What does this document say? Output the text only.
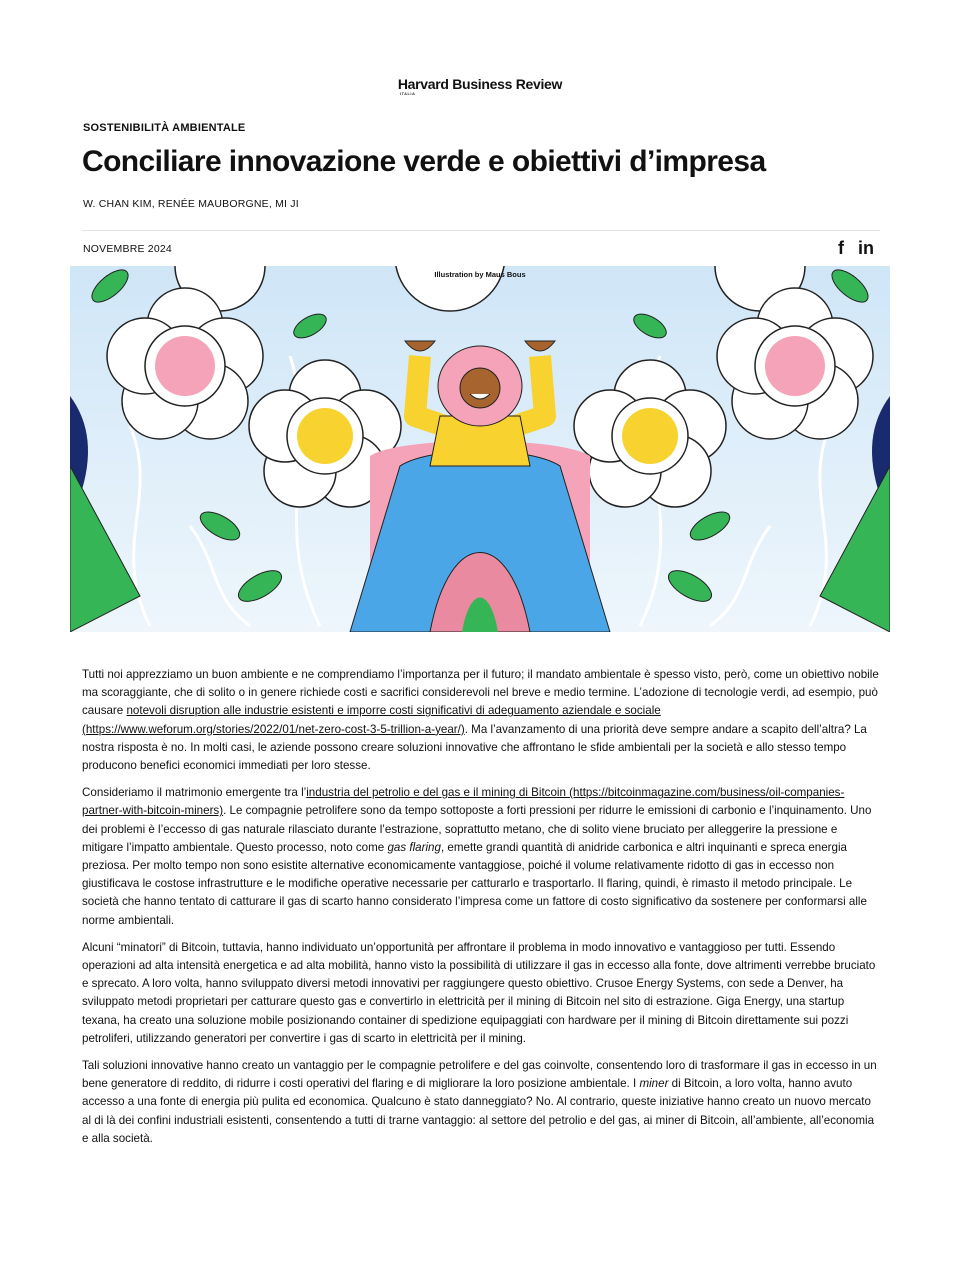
Harvard Business Review
ITALIA
SOSTENIBILITÀ AMBIENTALE
Conciliare innovazione verde e obiettivi d’impresa
W. CHAN KIM, RENÉE MAUBORGNE, MI JI
NOVEMBRE 2024	f in
Illustration by Maus Bous

Tutti noi apprezziamo un buon ambiente e ne comprendiamo l’importanza per il futuro; il mandato ambientale è spesso visto, però, come un obiettivo nobile ma scoraggiante, che di solito o in genere richiede costi e sacrifici considerevoli nel breve e medio termine. L’adozione di tecnologie verdi, ad esempio, può causare notevoli disruption alle industrie esistenti e imporre costi significativi di adeguamento aziendale e sociale (https://www.weforum.org/stories/2022/01/net-zero-cost-3-5-trillion-a-year/). Ma l’avanzamento di una priorità deve sempre andare a scapito dell’altra? La nostra risposta è no. In molti casi, le aziende possono creare soluzioni innovative che affrontano le sfide ambientali per la società e allo stesso tempo producono benefici economici immediati per loro stesse.

Consideriamo il matrimonio emergente tra l’industria del petrolio e del gas e il mining di Bitcoin (https://bitcoinmagazine.com/business/oil-companies-partner-with-bitcoin-miners). Le compagnie petrolifere sono da tempo sottoposte a forti pressioni per ridurre le emissioni di carbonio e l’inquinamento. Uno dei problemi è l’eccesso di gas naturale rilasciato durante l’estrazione, soprattutto metano, che di solito viene bruciato per alleggerire la pressione e mitigare l’impatto ambientale. Questo processo, noto come gas flaring, emette grandi quantità di anidride carbonica e altri inquinanti e spreca energia preziosa. Per molto tempo non sono esistite alternative economicamente vantaggiose, poiché il volume relativamente ridotto di gas in eccesso non giustificava le costose infrastrutture e le modifiche operative necessarie per catturarlo e trasportarlo. Il flaring, quindi, è rimasto il metodo principale. Le società che hanno tentato di catturare il gas di scarto hanno considerato l’impresa come un fattore di costo significativo da sostenere per conformarsi alle norme ambientali.

Alcuni “minatori” di Bitcoin, tuttavia, hanno individuato un’opportunità per affrontare il problema in modo innovativo e vantaggioso per tutti. Essendo operazioni ad alta intensità energetica e ad alta mobilità, hanno visto la possibilità di utilizzare il gas in eccesso alla fonte, dove altrimenti verrebbe bruciato e sprecato. A loro volta, hanno sviluppato diversi metodi innovativi per raggiungere questo obiettivo. Crusoe Energy Systems, con sede a Denver, ha sviluppato metodi proprietari per catturare questo gas e convertirlo in elettricità per il mining di Bitcoin nel sito di estrazione. Giga Energy, una startup texana, ha creato una soluzione mobile posizionando container di spedizione equipaggiati con hardware per il mining di Bitcoin direttamente sui pozzi petroliferi, utilizzando generatori per convertire i gas di scarto in elettricità per il mining.

Tali soluzioni innovative hanno creato un vantaggio per le compagnie petrolifere e del gas coinvolte, consentendo loro di trasformare il gas in eccesso in un bene generatore di reddito, di ridurre i costi operativi del flaring e di migliorare la loro posizione ambientale. I miner di Bitcoin, a loro volta, hanno avuto accesso a una fonte di energia più pulita ed economica. Qualcuno è stato danneggiato? No. Al contrario, queste iniziative hanno creato un nuovo mercato al di là dei confini industriali esistenti, consentendo a tutti di trarne vantaggio: al settore del petrolio e del gas, ai miner di Bitcoin, all’ambiente, all’economia e alla società.
